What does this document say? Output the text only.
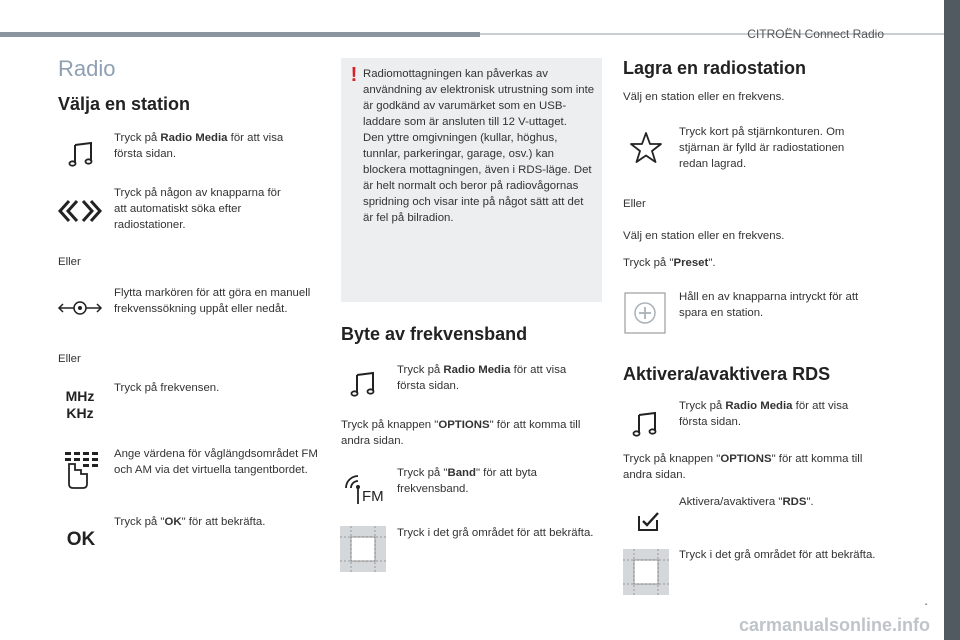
CITROËN Connect Radio
.
Radio
Välja en station
Tryck på Radio Media för att visa första sidan.
Tryck på någon av knapparna för att automatiskt söka efter radiostationer.
Eller
Flytta markören för att göra en manuell frekvenssökning uppåt eller nedåt.
Eller
MHz
KHz
Tryck på frekvensen.
Ange värdena för våglängdsområdet FM och AM via det virtuella tangentbordet.
OK
Tryck på "OK" för att bekräfta.
! Radiomottagningen kan påverkas av användning av elektronisk utrustning som inte är godkänd av varumärket som en USB-laddare som är ansluten till 12 V-uttaget.
Den yttre omgivningen (kullar, höghus, tunnlar, parkeringar, garage, osv.) kan blockera mottagningen, även i RDS-läge. Det är helt normalt och beror på radiovågornas spridning och visar inte på något sätt att det är fel på bilradion.
Byte av frekvensband
Tryck på Radio Media för att visa första sidan.
Tryck på knappen "OPTIONS" för att komma till andra sidan.
FM
Tryck på "Band" för att byta frekvensband.
Tryck i det grå området för att bekräfta.
Lagra en radiostation
Välj en station eller en frekvens.
Tryck kort på stjärnkonturen. Om stjärnan är fylld är radiostationen redan lagrad.
Eller
Välj en station eller en frekvens.
Tryck på "Preset".
Håll en av knapparna intryckt för att spara en station.
Aktivera/avaktivera RDS
Tryck på Radio Media för att visa första sidan.
Tryck på knappen "OPTIONS" för att komma till andra sidan.
Aktivera/avaktivera "RDS".
Tryck i det grå området för att bekräfta.
carmanualsonline.info
